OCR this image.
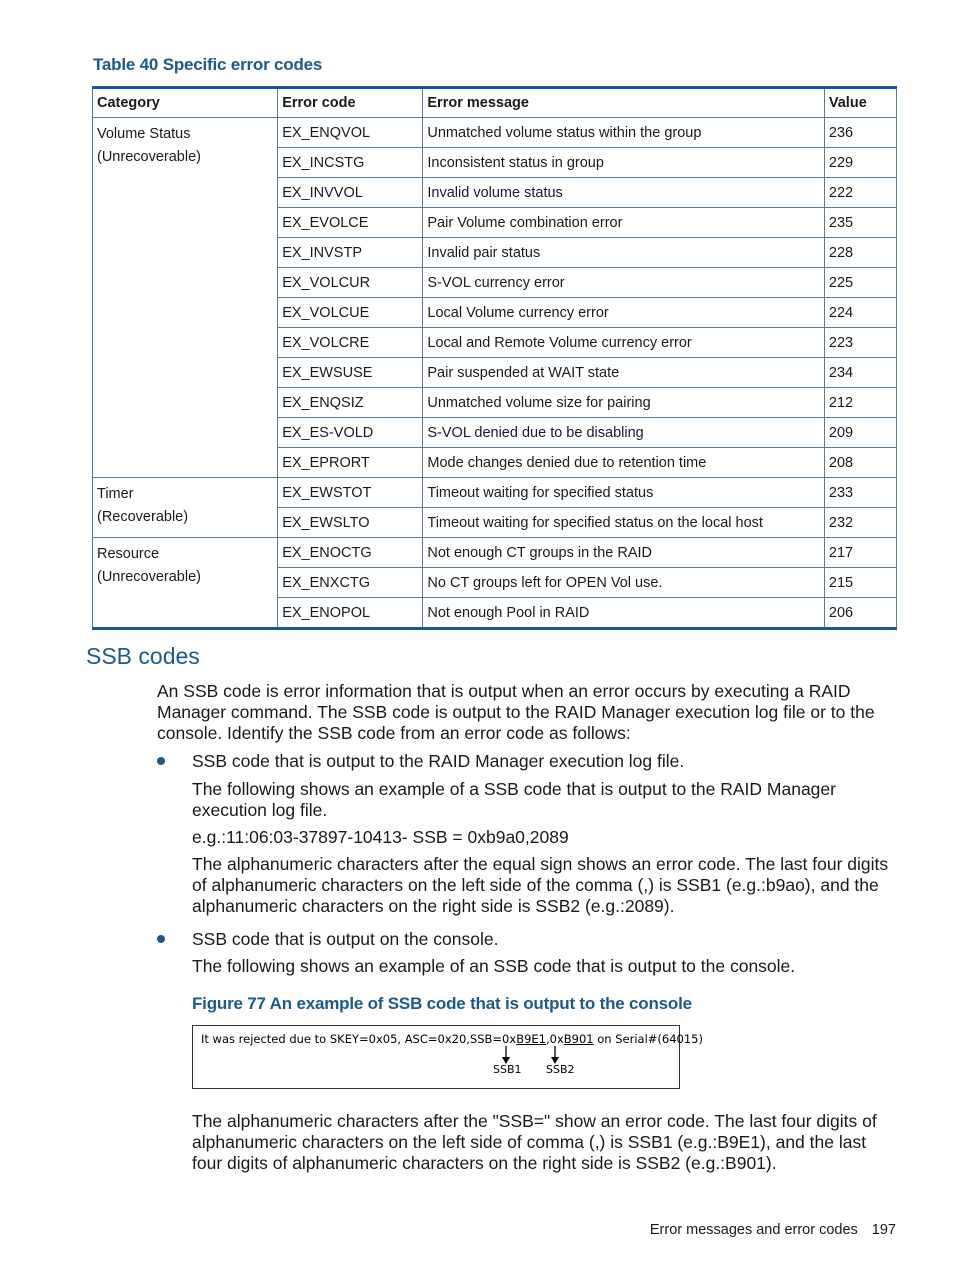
Table 40 Specific error codes
Category	Error code	Error message	Value

Volume Status
(Unrecoverable)	EX_ENQVOL	Unmatched volume status within the group	236
	EX_INCSTG	Inconsistent status in group	229
	EX_INVVOL	Invalid volume status	222
	EX_EVOLCE	Pair Volume combination error	235
	EX_INVSTP	Invalid pair status	228
	EX_VOLCUR	S-VOL currency error	225
	EX_VOLCUE	Local Volume currency error	224
	EX_VOLCRE	Local and Remote Volume currency error	223
	EX_EWSUSE	Pair suspended at WAIT state	234
	EX_ENQSIZ	Unmatched volume size for pairing	212
	EX_ES-VOLD	S-VOL denied due to be disabling	209
	EX_EPRORT	Mode changes denied due to retention time	208

Timer
(Recoverable)	EX_EWSTOT	Timeout waiting for specified status	233
	EX_EWSLTO	Timeout waiting for specified status on the local host	232

Resource
(Unrecoverable)	EX_ENOCTG	Not enough CT groups in the RAID	217
	EX_ENXCTG	No CT groups left for OPEN Vol use.	215
	EX_ENOPOL	Not enough Pool in RAID	206
SSB codes
An SSB code is error information that is output when an error occurs by executing a RAID Manager command. The SSB code is output to the RAID Manager execution log file or to the console. Identify the SSB code from an error code as follows:
SSB code that is output to the RAID Manager execution log file.
The following shows an example of a SSB code that is output to the RAID Manager execution log file.
e.g.:11:06:03-37897-10413- SSB = 0xb9a0,2089
The alphanumeric characters after the equal sign shows an error code. The last four digits of alphanumeric characters on the left side of the comma (,) is SSB1 (e.g.:b9ao), and the alphanumeric characters on the right side is SSB2 (e.g.:2089).
SSB code that is output on the console.
The following shows an example of an SSB code that is output to the console.
Figure 77 An example of SSB code that is output to the console
It was rejected due to SKEY=0x05, ASC=0x20,SSB=0xB9E1,0xB901 on Serial#(64015)
SSB1 SSB2
The alphanumeric characters after the "SSB=" show an error code. The last four digits of alphanumeric characters on the left side of comma (,) is SSB1 (e.g.:B9E1), and the last four digits of alphanumeric characters on the right side is SSB2 (e.g.:B901).
Error messages and error codes 197
